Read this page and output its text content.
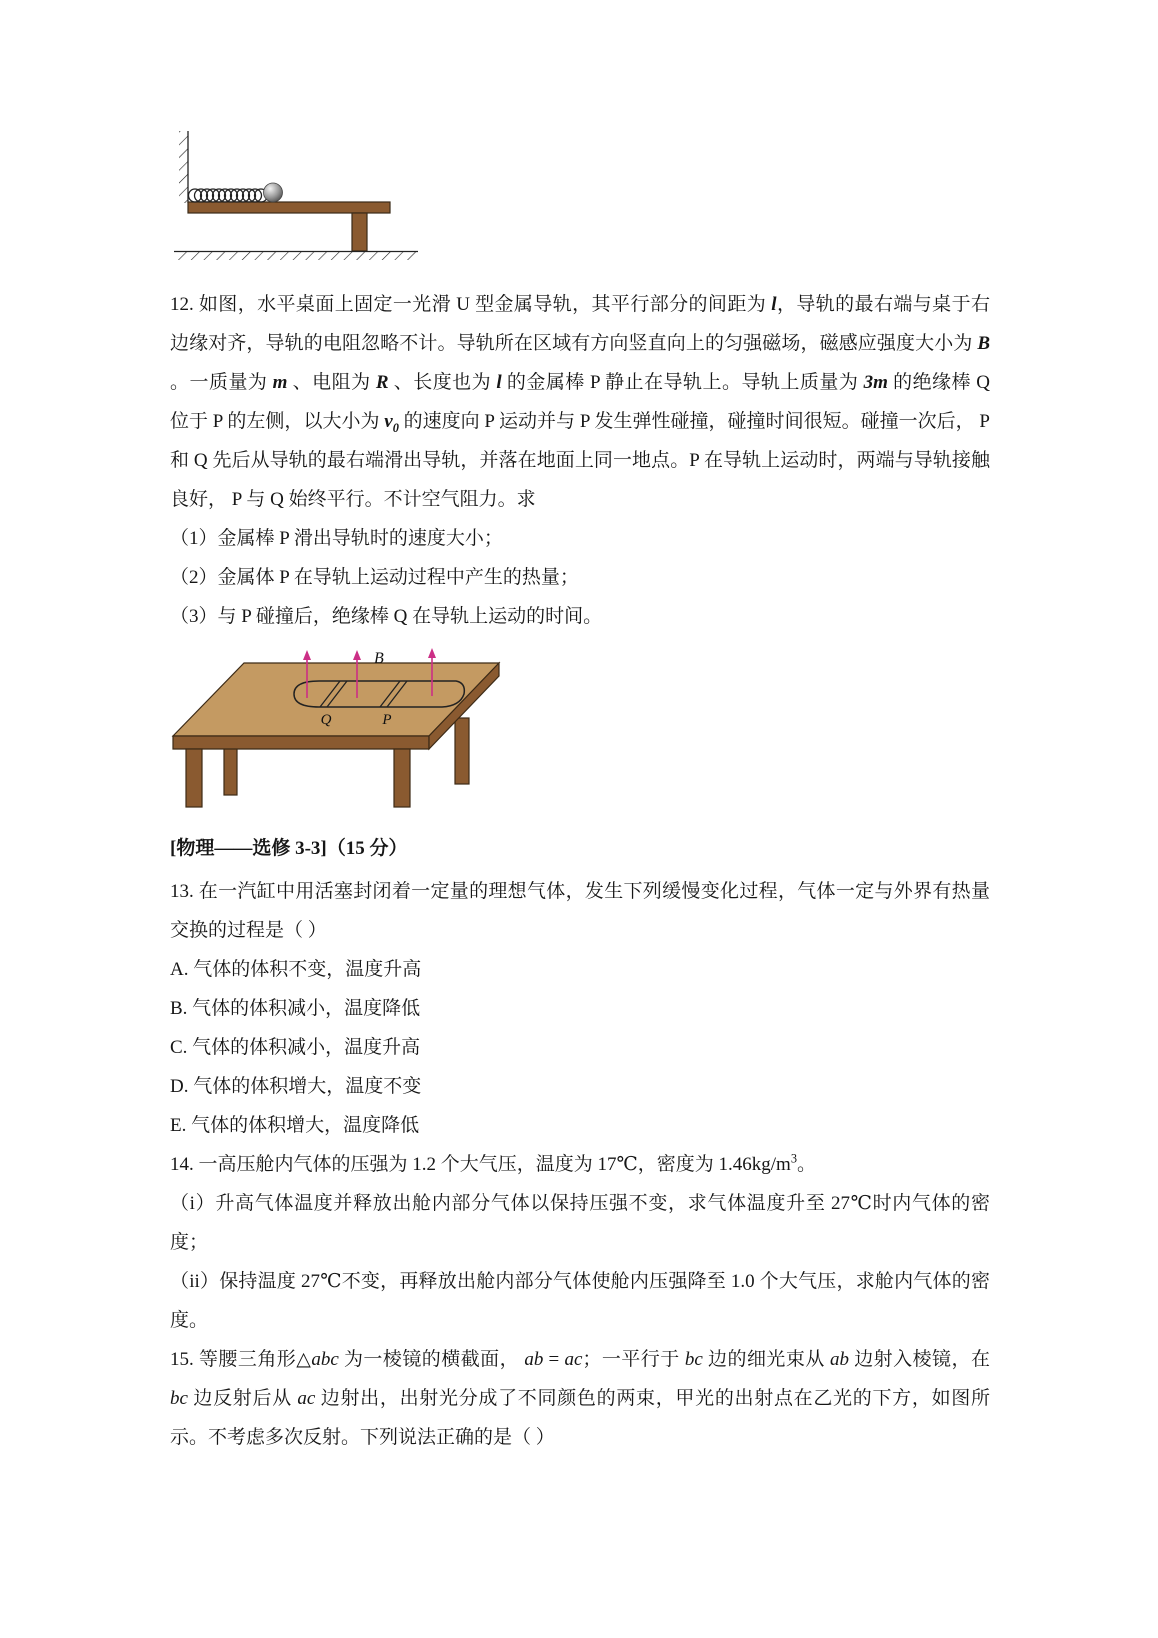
12. 如图，水平桌面上固定一光滑 U 型金属导轨，其平行部分的间距为 l，导轨的最右端与桌于右边缘对齐，导轨的电阻忽略不计。导轨所在区域有方向竖直向上的匀强磁场，磁感应强度大小为 B 。一质量为 m 、电阻为 R 、长度也为 l 的金属棒 P 静止在导轨上。导轨上质量为 3m 的绝缘棒 Q 位于 P 的左侧，以大小为 $v_0$ 的速度向 P 运动并与 P 发生弹性碰撞，碰撞时间很短。碰撞一次后， P 和 Q 先后从导轨的最右端滑出导轨，并落在地面上同一地点。P 在导轨上运动时，两端与导轨接触良好， P 与 Q 始终平行。不计空气阻力。求

（1）金属棒 P 滑出导轨时的速度大小；

（2）金属体 P 在导轨上运动过程中产生的热量；

（3）与 P 碰撞后，绝缘棒 Q 在导轨上运动的时间。

B
Q	P

[物理——选修 3-3]（15 分）

13. 在一汽缸中用活塞封闭着一定量的理想气体，发生下列缓慢变化过程，气体一定与外界有热量交换的过程是（ ）

A. 气体的体积不变，温度升高

B. 气体的体积减小，温度降低

C. 气体的体积减小，温度升高

D. 气体的体积增大，温度不变

E. 气体的体积增大，温度降低

14. 一高压舱内气体的压强为 1.2 个大气压，温度为 17℃，密度为 $1.46kg/m^3$。

（i）升高气体温度并释放出舱内部分气体以保持压强不变，求气体温度升至 27℃时内气体的密度；

（ii）保持温度 27℃不变，再释放出舱内部分气体使舱内压强降至 1.0 个大气压，求舱内气体的密度。

15. 等腰三角形△abc 为一棱镜的横截面， ab = ac；一平行于 bc 边的细光束从 ab 边射入棱镜，在 bc 边反射后从 ac 边射出，出射光分成了不同颜色的两束，甲光的出射点在乙光的下方，如图所示。不考虑多次反射。下列说法正确的是（ ）
